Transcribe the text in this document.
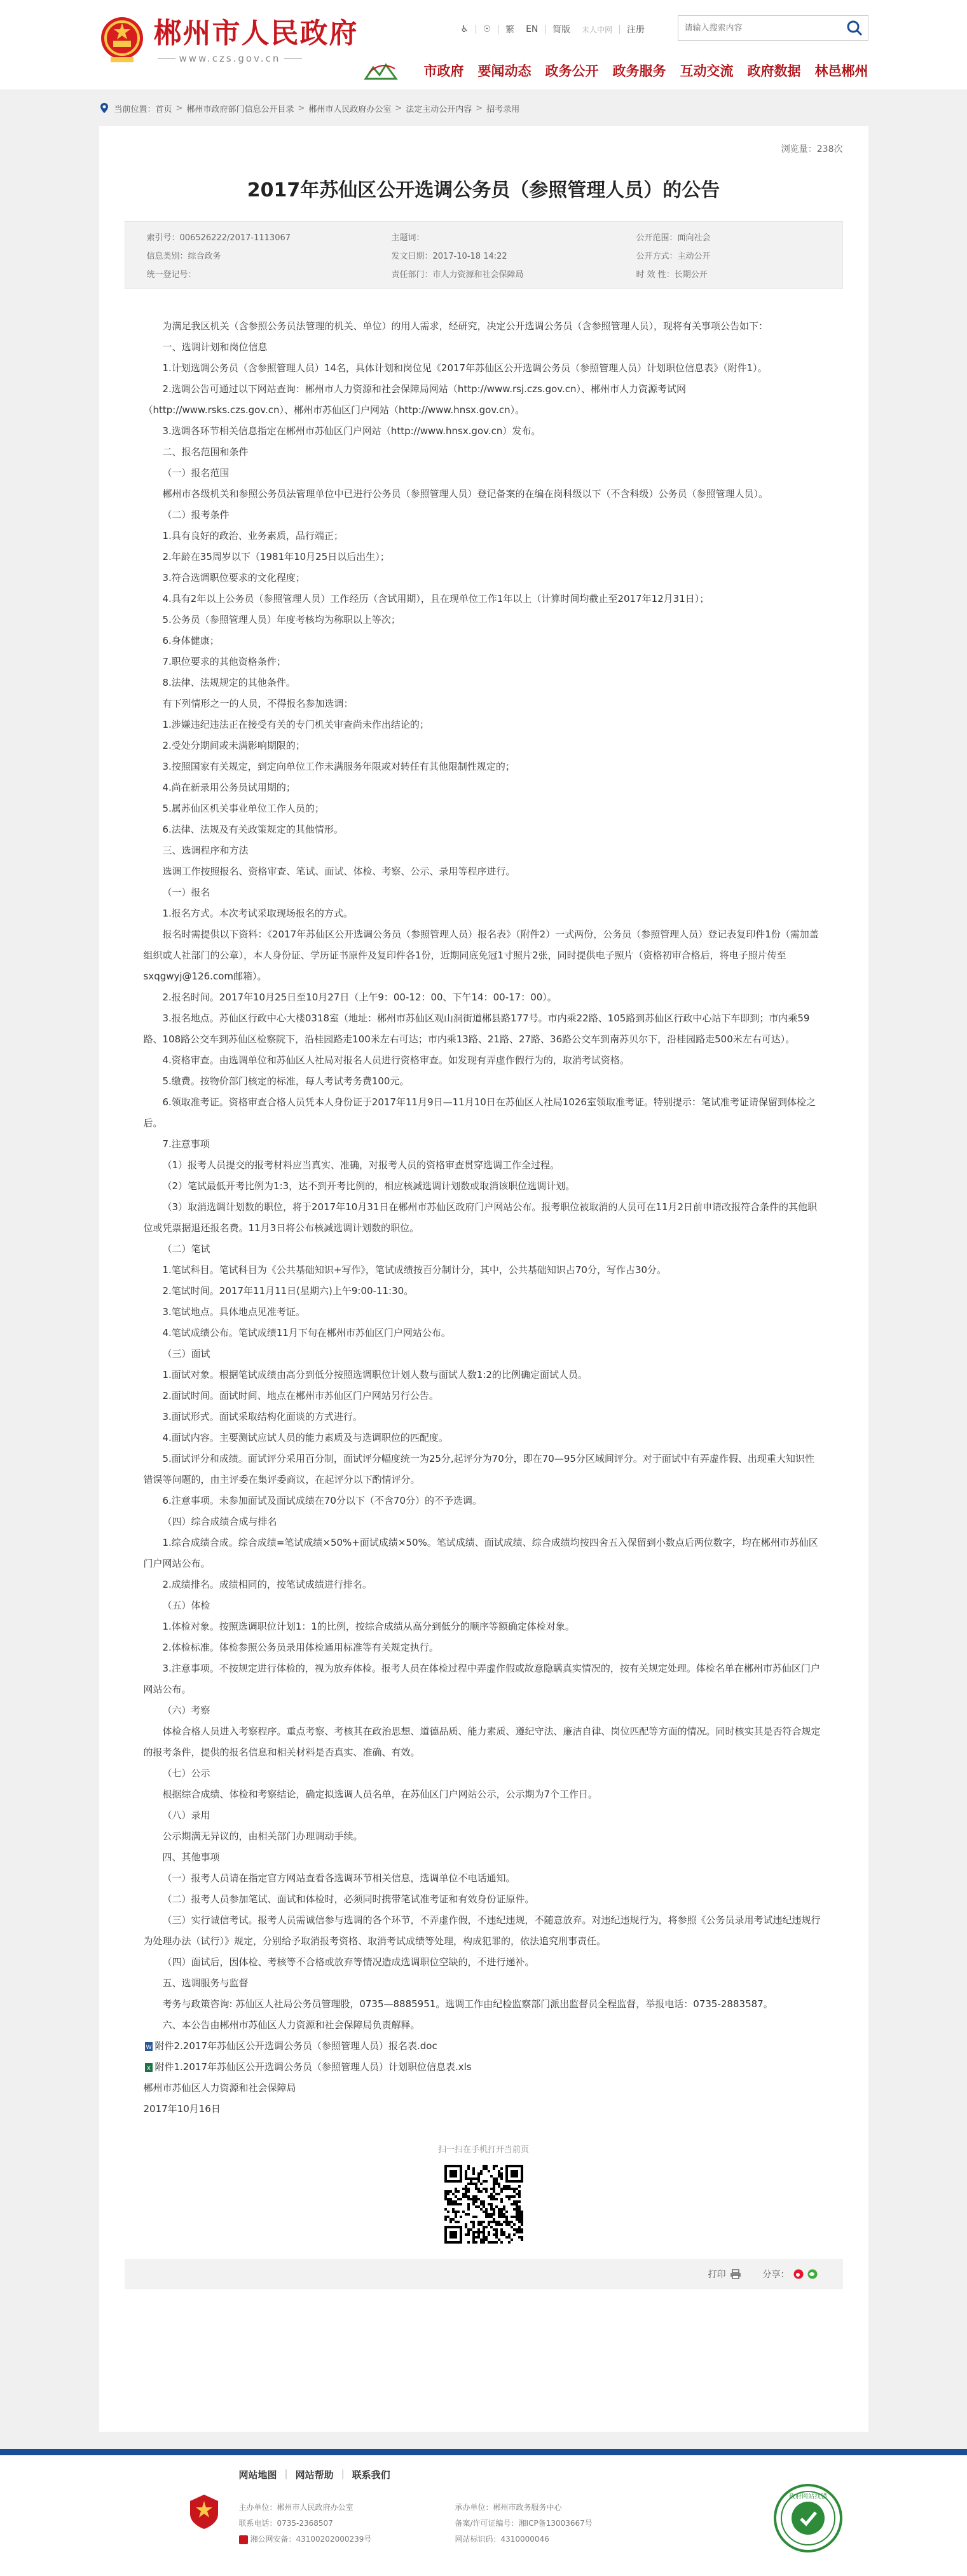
郴州市人民政府
www.czs.gov.cn
♿ | ☉ | 繁 EN | 简版 未人中网 | 注册
请输入搜索内容
市政府 要闻动态 政务公开 政务服务 互动交流 政府数据 林邑郴州
当前位置： 首页 > 郴州市政府部门信息公开目录 > 郴州市人民政府办公室 > 法定主动公开内容 > 招考录用
浏览量：238次
2017年苏仙区公开选调公务员（参照管理人员）的公告
索引号：006526222/2017-1113067	主题词：	公开范围：面向社会
信息类别：综合政务	发文日期：2017-10-18 14:22	公开方式：主动公开
统一登记号：	责任部门：市人力资源和社会保障局	时 效 性：长期公开
为满足我区机关（含参照公务员法管理的机关、单位）的用人需求，经研究，决定公开选调公务员（含参照管理人员），现将有关事项公告如下：
一、选调计划和岗位信息
1.计划选调公务员（含参照管理人员）14名，具体计划和岗位见《2017年苏仙区公开选调公务员（参照管理人员）计划职位信息表》（附件1）。
2.选调公告可通过以下网站查询：郴州市人力资源和社会保障局网站（http://www.rsj.czs.gov.cn）、郴州市人力资源考试网（http://www.rsks.czs.gov.cn）、郴州市苏仙区门户网站（http://www.hnsx.gov.cn）。
3.选调各环节相关信息指定在郴州市苏仙区门户网站（http://www.hnsx.gov.cn）发布。
二、报名范围和条件
（一）报名范围
郴州市各级机关和参照公务员法管理单位中已进行公务员（参照管理人员）登记备案的在编在岗科级以下（不含科级）公务员（参照管理人员）。
（二）报考条件
1.具有良好的政治、业务素质，品行端正；
2.年龄在35周岁以下（1981年10月25日以后出生）；
3.符合选调职位要求的文化程度；
4.具有2年以上公务员（参照管理人员）工作经历（含试用期），且在现单位工作1年以上（计算时间均截止至2017年12月31日）；
5.公务员（参照管理人员）年度考核均为称职以上等次；
6.身体健康；
7.职位要求的其他资格条件；
8.法律、法规规定的其他条件。
有下列情形之一的人员，不得报名参加选调：
1.涉嫌违纪违法正在接受有关的专门机关审查尚未作出结论的；
2.受处分期间或未满影响期限的；
3.按照国家有关规定，到定向单位工作未满服务年限或对转任有其他限制性规定的；
4.尚在新录用公务员试用期的；
5.属苏仙区机关事业单位工作人员的；
6.法律、法规及有关政策规定的其他情形。
三、选调程序和方法
选调工作按照报名、资格审查、笔试、面试、体检、考察、公示、录用等程序进行。
（一）报名
1.报名方式。本次考试采取现场报名的方式。
报名时需提供以下资料：《2017年苏仙区公开选调公务员（参照管理人员）报名表》（附件2）一式两份，公务员（参照管理人员）登记表复印件1份（需加盖组织或人社部门的公章），本人身份证、学历证书原件及复印件各1份，近期同底免冠1寸照片2张，同时提供电子照片（资格初审合格后，将电子照片传至sxqgwyj@126.com邮箱）。
2.报名时间。2017年10月25日至10月27日（上午9：00-12：00、下午14：00-17：00）。
3.报名地点。苏仙区行政中心大楼0318室（地址：郴州市苏仙区观山洞街道郴县路177号。市内乘22路、105路到苏仙区行政中心站下车即到；市内乘59路、108路公交车到苏仙区检察院下，沿桂园路走100米左右可达；市内乘13路、21路、27路、36路公交车到南苏贝尔下，沿桂园路走500米左右可达）。
4.资格审查。由选调单位和苏仙区人社局对报名人员进行资格审查。如发现有弄虚作假行为的，取消考试资格。
5.缴费。按物价部门核定的标准，每人考试考务费100元。
6.领取准考证。资格审查合格人员凭本人身份证于2017年11月9日—11月10日在苏仙区人社局1026室领取准考证。特别提示：笔试准考证请保留到体检之后。
7.注意事项
（1）报考人员提交的报考材料应当真实、准确，对报考人员的资格审查贯穿选调工作全过程。
（2）笔试最低开考比例为1:3，达不到开考比例的，相应核减选调计划数或取消该职位选调计划。
（3）取消选调计划数的职位，将于2017年10月31日在郴州市苏仙区政府门户网站公布。报考职位被取消的人员可在11月2日前申请改报符合条件的其他职位或凭票据退还报名费。11月3日将公布核减选调计划数的职位。
（二）笔试
1.笔试科目。笔试科目为《公共基础知识+写作》，笔试成绩按百分制计分，其中，公共基础知识占70分，写作占30分。
2.笔试时间。2017年11月11日(星期六)上午9:00-11:30。
3.笔试地点。具体地点见准考证。
4.笔试成绩公布。笔试成绩11月下旬在郴州市苏仙区门户网站公布。
（三）面试
1.面试对象。根据笔试成绩由高分到低分按照选调职位计划人数与面试人数1:2的比例确定面试人员。
2.面试时间。面试时间、地点在郴州市苏仙区门户网站另行公告。
3.面试形式。面试采取结构化面谈的方式进行。
4.面试内容。主要测试应试人员的能力素质及与选调职位的匹配度。
5.面试评分和成绩。面试评分采用百分制，面试评分幅度统一为25分,起评分为70分，即在70—95分区域间评分。对于面试中有弄虚作假、出现重大知识性错误等问题的，由主评委在集评委商议，在起评分以下酌情评分。
6.注意事项。未参加面试及面试成绩在70分以下（不含70分）的不予选调。
（四）综合成绩合成与排名
1.综合成绩合成。综合成绩=笔试成绩×50%+面试成绩×50%。笔试成绩、面试成绩、综合成绩均按四舍五入保留到小数点后两位数字，均在郴州市苏仙区门户网站公布。
2.成绩排名。成绩相同的，按笔试成绩进行排名。
（五）体检
1.体检对象。按照选调职位计划1：1的比例，按综合成绩从高分到低分的顺序等额确定体检对象。
2.体检标准。体检参照公务员录用体检通用标准等有关规定执行。
3.注意事项。不按规定进行体检的，视为放弃体检。报考人员在体检过程中弄虚作假或故意隐瞒真实情况的，按有关规定处理。体检名单在郴州市苏仙区门户网站公布。
（六）考察
体检合格人员进入考察程序。重点考察、考核其在政治思想、道德品质、能力素质、遵纪守法、廉洁自律、岗位匹配等方面的情况。同时核实其是否符合规定的报考条件，提供的报名信息和相关材料是否真实、准确、有效。
（七）公示
根据综合成绩、体检和考察结论，确定拟选调人员名单，在苏仙区门户网站公示，公示期为7个工作日。
（八）录用
公示期满无异议的，由相关部门办理调动手续。
四、其他事项
（一）报考人员请在指定官方网站查看各选调环节相关信息，选调单位不电话通知。
（二）报考人员参加笔试、面试和体检时，必须同时携带笔试准考证和有效身份证原件。
（三）实行诚信考试。报考人员需诚信参与选调的各个环节，不弄虚作假，不违纪违规，不随意放弃。对违纪违规行为，将参照《公务员录用考试违纪违规行为处理办法（试行）》规定，分别给予取消报考资格、取消考试成绩等处理，构成犯罪的，依法追究刑事责任。
（四）面试后，因体检、考核等不合格或放弃等情况造成选调职位空缺的，不进行递补。
五、选调服务与监督
考务与政策咨询: 苏仙区人社局公务员管理股，0735—8885951。选调工作由纪检监察部门派出监督员全程监督，举报电话：0735-2883587。
六、本公告由郴州市苏仙区人力资源和社会保障局负责解释。
W 附件2.2017年苏仙区公开选调公务员（参照管理人员）报名表.doc
X 附件1.2017年苏仙区公开选调公务员（参照管理人员）计划职位信息表.xls
郴州市苏仙区人力资源和社会保障局
2017年10月16日
扫一扫在手机打开当前页
打印	分享：
网站地图 | 网站帮助 | 联系我们
主办单位：郴州市人民政府办公室
联系电话：0735-2368507
湘公网安备：43100202000239号
承办单位：郴州市政务服务中心
备案/许可证编号：湘ICP备13003667号
网站标识码：4310000046
政府网站找错
